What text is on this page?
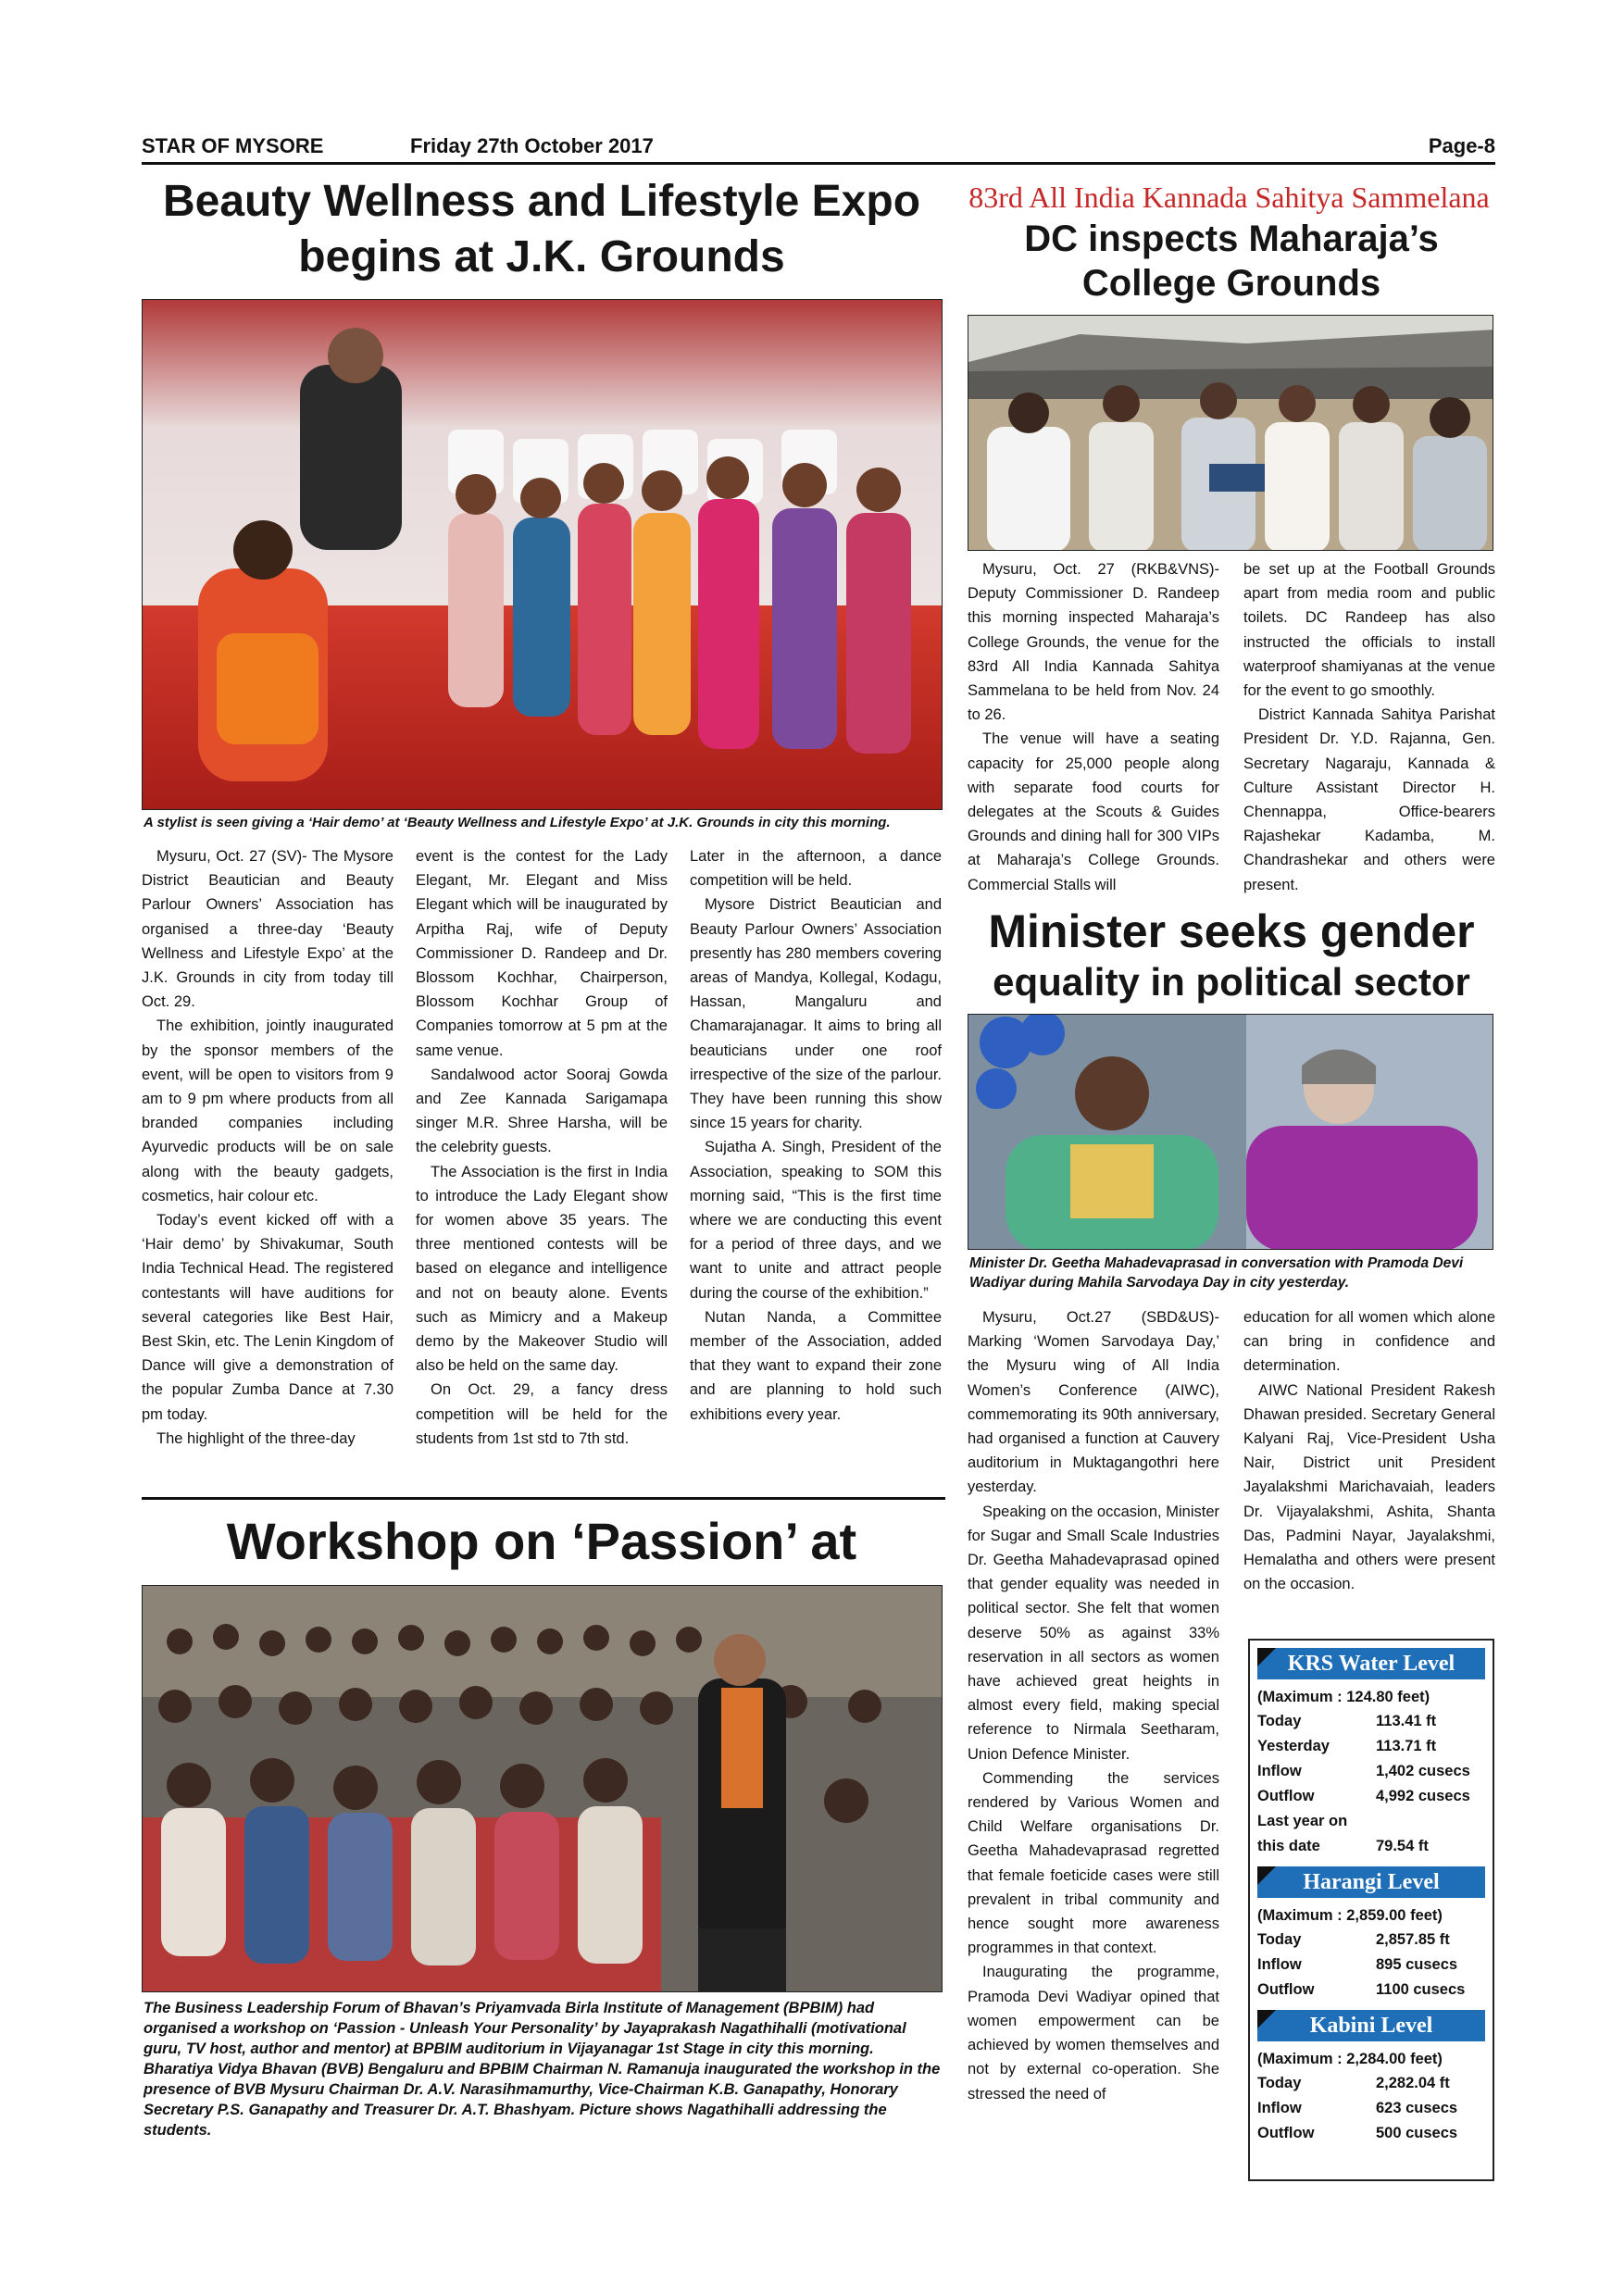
STAR OF MYSORE	Friday 27th October 2017	Page-8
Beauty Wellness and Lifestyle Expo begins at J.K. Grounds
A stylist is seen giving a ‘Hair demo’ at ‘Beauty Wellness and Lifestyle Expo’ at J.K. Grounds in city this morning.

Mysuru, Oct. 27 (SV)- The Mysore District Beautician and Beauty Parlour Owners’ Association has organised a three-day ‘Beauty Wellness and Lifestyle Expo’ at the J.K. Grounds in city from today till Oct. 29.

The exhibition, jointly inaugurated by the sponsor members of the event, will be open to visitors from 9 am to 9 pm where products from all branded companies including Ayurvedic products will be on sale along with the beauty gadgets, cosmetics, hair colour etc.

Today’s event kicked off with a ‘Hair demo’ by Shivakumar, South India Technical Head. The registered contestants will have auditions for several categories like Best Hair, Best Skin, etc. The Lenin Kingdom of Dance will give a demonstration of the popular Zumba Dance at 7.30 pm today.

The highlight of the three-day

event is the contest for the Lady Elegant, Mr. Elegant and Miss Elegant which will be inaugurated by Arpitha Raj, wife of Deputy Commissioner D. Randeep and Dr. Blossom Kochhar, Chairperson, Blossom Kochhar Group of Companies tomorrow at 5 pm at the same venue.

Sandalwood actor Sooraj Gowda and Zee Kannada Sarigamapa singer M.R. Shree Harsha, will be the celebrity guests.

The Association is the first in India to introduce the Lady Elegant show for women above 35 years. The three mentioned contests will be based on elegance and intelligence and not on beauty alone. Events such as Mimicry and a Makeup demo by the Makeover Studio will also be held on the same day.

On Oct. 29, a fancy dress competition will be held for the students from 1st std to 7th std.

Later in the afternoon, a dance competition will be held.

Mysore District Beautician and Beauty Parlour Owners’ Association presently has 280 members covering areas of Mandya, Kollegal, Kodagu, Hassan, Mangaluru and Chamarajanagar. It aims to bring all beauticians under one roof irrespective of the size of the parlour. They have been running this show since 15 years for charity.

Sujatha A. Singh, President of the Association, speaking to SOM this morning said, “This is the first time where we are conducting this event for a period of three days, and we want to unite and attract people during the course of the exhibition.”

Nutan Nanda, a Committee member of the Association, added that they want to expand their zone and are planning to hold such exhibitions every year.

Workshop on ‘Passion’ at
The Business Leadership Forum of Bhavan’s Priyamvada Birla Institute of Management (BPBIM) had organised a workshop on ‘Passion - Unleash Your Personality’ by Jayaprakash Nagathihalli (motivational guru, TV host, author and mentor) at BPBIM auditorium in Vijayanagar 1st Stage in city this morning. Bharatiya Vidya Bhavan (BVB) Bengaluru and BPBIM Chairman N. Ramanuja inaugurated the workshop in the presence of BVB Mysuru Chairman Dr. A.V. Narasihmamurthy, Vice-Chairman K.B. Ganapathy, Honorary Secretary P.S. Ganapathy and Treasurer Dr. A.T. Bhashyam. Picture shows Nagathihalli addressing the students.
83rd All India Kannada Sahitya Sammelana
DC inspects Maharaja’s College Grounds

Mysuru, Oct. 27 (RKB&VNS)- Deputy Commissioner D. Randeep this morning inspected Maharaja’s College Grounds, the venue for the 83rd All India Kannada Sahitya Sammelana to be held from Nov. 24 to 26.

The venue will have a seating capacity for 25,000 people along with separate food courts for delegates at the Scouts & Guides Grounds and dining hall for 300 VIPs at Maharaja’s College Grounds. Commercial Stalls will

be set up at the Football Grounds apart from media room and public toilets. DC Randeep has also instructed the officials to install waterproof shamiyanas at the venue for the event to go smoothly.

District Kannada Sahitya Parishat President Dr. Y.D. Rajanna, Gen. Secretary Nagaraju, Kannada & Culture Assistant Director H. Chennappa, Office-bearers Rajashekar Kadamba, M. Chandrashekar and others were present.

Minister seeks gender
equality in political sector
Minister Dr. Geetha Mahadevaprasad in conversation with Pramoda Devi Wadiyar during Mahila Sarvodaya Day in city yesterday.

Mysuru, Oct.27 (SBD&US)- Marking ‘Women Sarvodaya Day,’ the Mysuru wing of All India Women’s Conference (AIWC), commemorating its 90th anniversary, had organised a function at Cauvery auditorium in Muktagangothri here yesterday.

Speaking on the occasion, Minister for Sugar and Small Scale Industries Dr. Geetha Mahadevaprasad opined that gender equality was needed in political sector. She felt that women deserve 50% as against 33% reservation in all sectors as women have achieved great heights in almost every field, making special reference to Nirmala Seetharam, Union Defence Minister.

Commending the services rendered by Various Women and Child Welfare organisations Dr. Geetha Mahadevaprasad regretted that female foeticide cases were still prevalent in tribal community and hence sought more awareness programmes in that context.

Inaugurating the programme, Pramoda Devi Wadiyar opined that women empowerment can be achieved by women themselves and not by external co-operation. She stressed the need of

education for all women which alone can bring in confidence and determination.

AIWC National President Rakesh Dhawan presided. Secretary General Kalyani Raj, Vice-President Usha Nair, District unit President Jayalakshmi Marichavaiah, leaders Dr. Vijayalakshmi, Ashita, Shanta Das, Padmini Nayar, Jayalakshmi, Hemalatha and others were present on the occasion.

KRS Water Level
(Maximum : 124.80 feet)
Today	113.41 ft
Yesterday	113.71 ft
Inflow	1,402 cusecs
Outflow	4,992 cusecs
Last year on
this date	79.54 ft
Harangi Level
(Maximum : 2,859.00 feet)
Today	2,857.85 ft
Inflow	895 cusecs
Outflow	1100 cusecs
Kabini Level
(Maximum : 2,284.00 feet)
Today	2,282.04 ft
Inflow	623 cusecs
Outflow	500 cusecs
